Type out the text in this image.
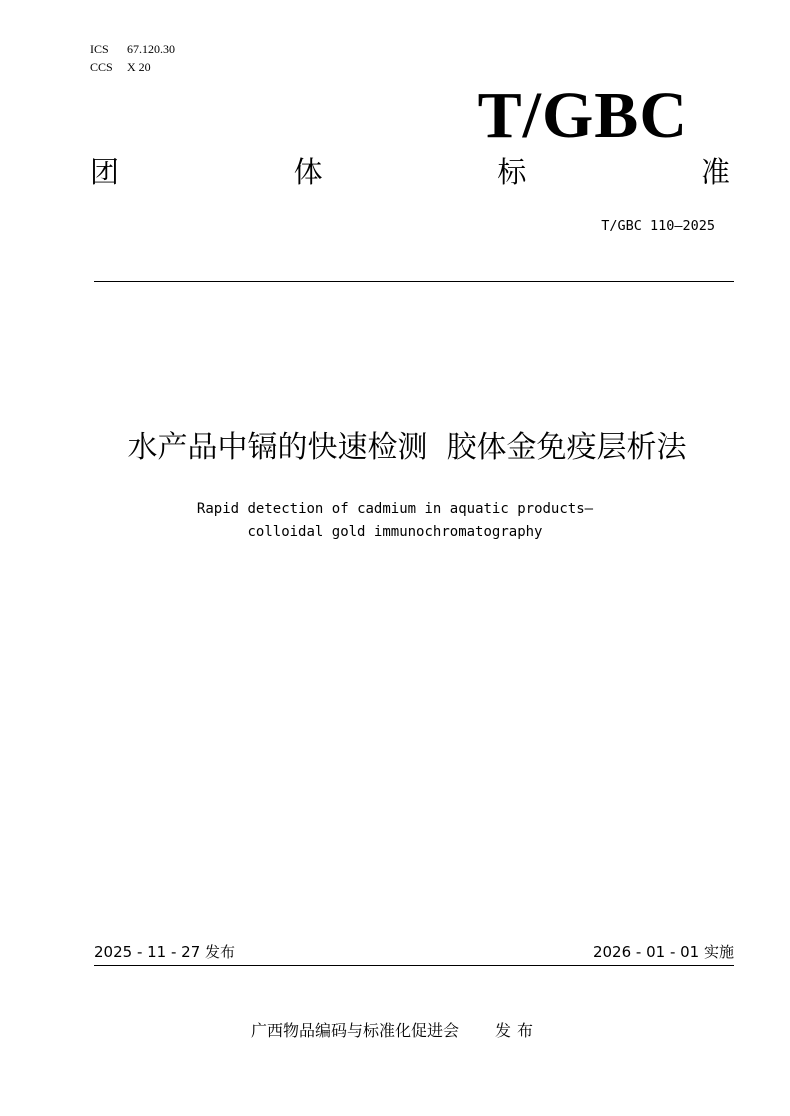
ICS 67.120.30
CCS X 20
T/GBC
团	体	标	准
T/GBC 110—2025
水产品中镉的快速检测  胶体金免疫层析法
Rapid detection of cadmium in aquatic products—
colloidal gold immunochromatography
2025 - 11 - 27 发布	2026 - 01 - 01 实施
广西物品编码与标准化促进会 发布
